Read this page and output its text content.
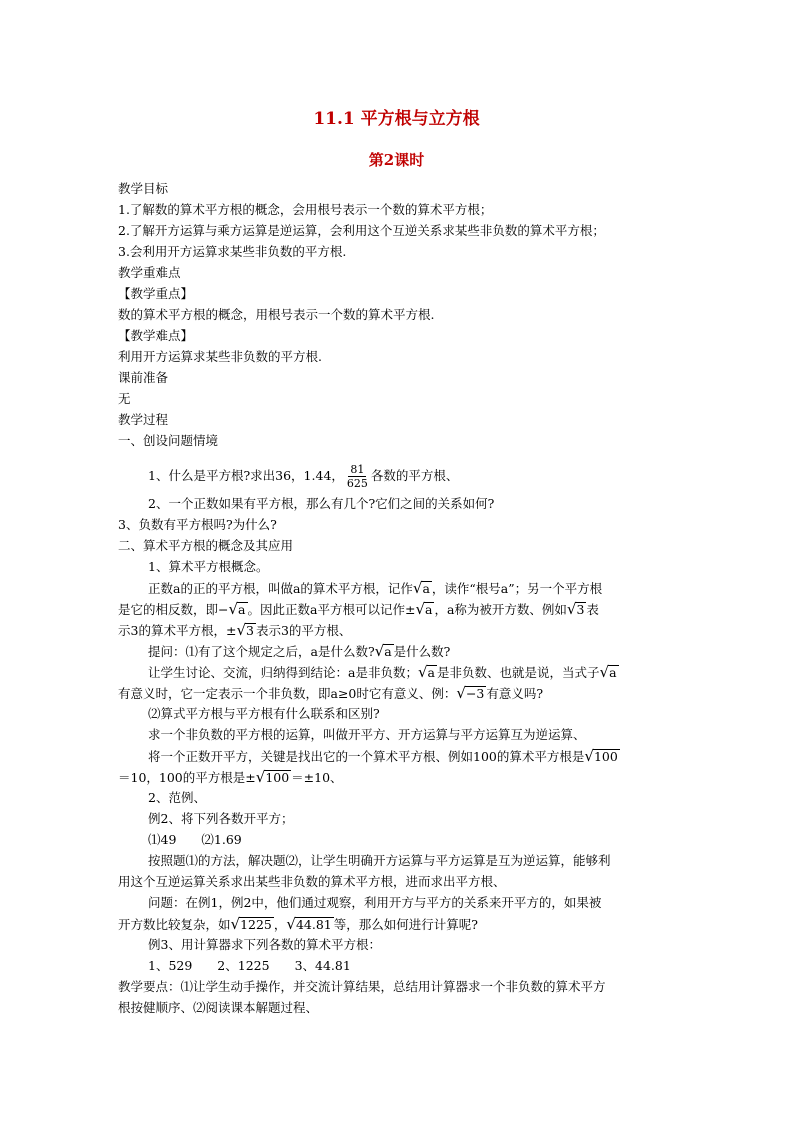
11.1 平方根与立方根
第2课时
教学目标
1.了解数的算术平方根的概念，会用根号表示一个数的算术平方根；
2.了解开方运算与乘方运算是逆运算，会利用这个互逆关系求某些非负数的算术平方根；
3.会利用开方运算求某些非负数的平方根.
教学重难点
【教学重点】
数的算术平方根的概念，用根号表示一个数的算术平方根.
【教学难点】
利用开方运算求某些非负数的平方根.
课前准备
无
教学过程
一、创设问题情境
1、什么是平方根?求出36，1.44， $\frac{81}{625}$ 各数的平方根、
2、一个正数如果有平方根，那么有几个?它们之间的关系如何?
3、负数有平方根吗?为什么?
二、算术平方根的概念及其应用
1、算术平方根概念。
正数a的正的平方根，叫做a的算术平方根，记作√a ，读作“根号a”；另一个平方根
是它的相反数，即−√a 。因此正数a平方根可以记作±√a ，a称为被开方数、例如√3 表
示3的算术平方根，±√3 表示3的平方根、
提问：⑴有了这个规定之后，a是什么数?√a 是什么数?
让学生讨论、交流，归纳得到结论：a是非负数；√a 是非负数、也就是说，当式子√a
有意义时，它一定表示一个非负数，即a≥0时它有意义、例：√−3 有意义吗?
⑵算式平方根与平方根有什么联系和区别?
求一个非负数的平方根的运算，叫做开平方、开方运算与平方运算互为逆运算、
将一个正数开平方，关键是找出它的一个算术平方根、例如100的算术平方根是√100
＝10，100的平方根是±√100 ＝±10、
2、范例、
例2、将下列各数开平方；
⑴49　　⑵1.69
按照题⑴的方法，解决题⑵，让学生明确开方运算与平方运算是互为逆运算，能够利
用这个互逆运算关系求出某些非负数的算术平方根，进而求出平方根、
问题：在例1，例2中，他们通过观察，利用开方与平方的关系来开平方的，如果被
开方数比较复杂，如√1225 ，√44.81 等，那么如何进行计算呢?
例3、用计算器求下列各数的算术平方根：
1、529　　2、1225　　3、44.81
教学要点：⑴让学生动手操作，并交流计算结果，总结用计算器求一个非负数的算术平方
根按健顺序、⑵阅读课本解题过程、
